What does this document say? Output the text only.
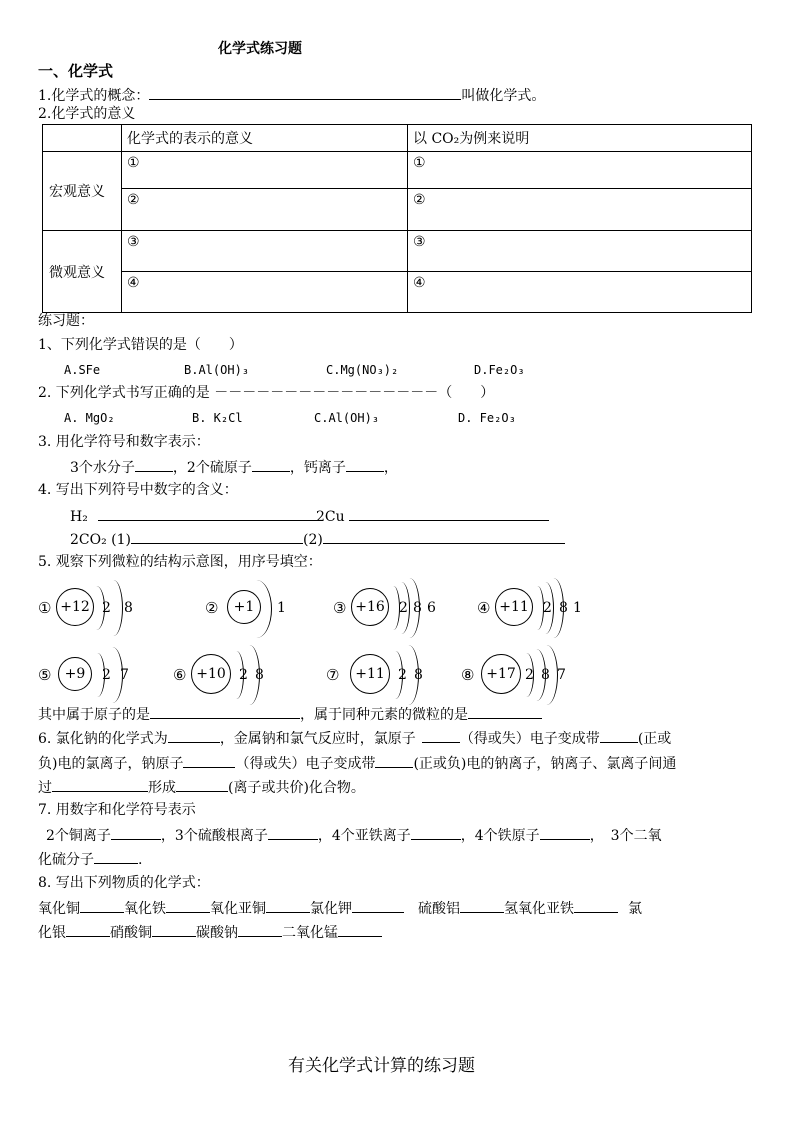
化学式练习题
一、化学式
1.化学式的概念：	叫做化学式。
2.化学式的意义
	化学式的表示的意义	以 CO₂为例来说明
宏观意义	①	①
	②	②
微观意义	③	③
	④	④
练习题：
1、下列化学式错误的是（　　）
A.SFe	B.Al(OH)₃	C.Mg(NO₃)₂	D.Fe₂O₃
2. 下列化学式书写正确的是 －－－－－－－－－－－－－－－－（　　）
A. MgO₂	B. K₂Cl	C.Al(OH)₃	D. Fe₂O₃
3. 用化学符号和数字表示：
3个水分子	，2个硫原子	，钙离子	，
4. 写出下列符号中数字的含义：
H₂	2Cu
2CO₂ (1)	(2)
5. 观察下列微粒的结构示意图，用序号填空：
① +12 2 8	②	+1	1	③ +16	2 8 6	④ +11	2 8 1
⑤ +9	2 7	⑥ +10 2 8	⑦	+11 2 8	⑧ +17 2 8 7
其中属于原子的是	，属于同种元素的微粒的是
6. 氯化钠的化学式为	，金属钠和氯气反应时，氯原子	（得或失）电子变成带	(正或
负)电的氯离子，钠原子	（得或失）电子变成带	(正或负)电的钠离子，钠离子、氯离子间通
过	形成	(离子或共价)化合物。
7. 用数字和化学符号表示
2个铜离子	，3个硫酸根离子	，4个亚铁离子	，4个铁原子	，　3个二氧
化硫分子	.
8. 写出下列物质的化学式：
氧化铜	氧化铁	氧化亚铜	氯化钾	硫酸铝	氢氧化亚铁	氯
化银	硝酸铜	碳酸钠	二氧化锰
有关化学式计算的练习题
